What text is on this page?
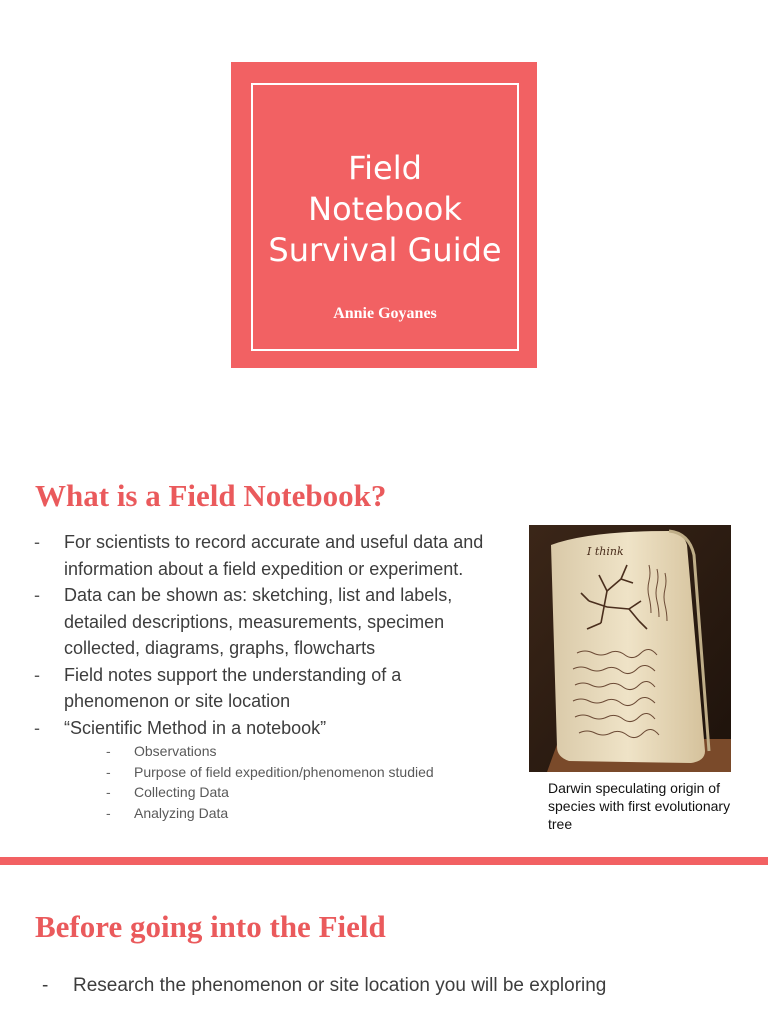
Field
Notebook
Survival Guide
Annie Goyanes
What is a Field Notebook?
- For scientists to record accurate and useful data and information about a field expedition or experiment.
- Data can be shown as: sketching, list and labels, detailed descriptions, measurements, specimen collected, diagrams, graphs, flowcharts
- Field notes support the understanding of a phenomenon or site location
- “Scientific Method in a notebook”
- Observations
- Purpose of field expedition/phenomenon studied
- Collecting Data
- Analyzing Data
I think
Darwin speculating origin of species with first evolutionary tree
Before going into the Field
- Research the phenomenon or site location you will be exploring
